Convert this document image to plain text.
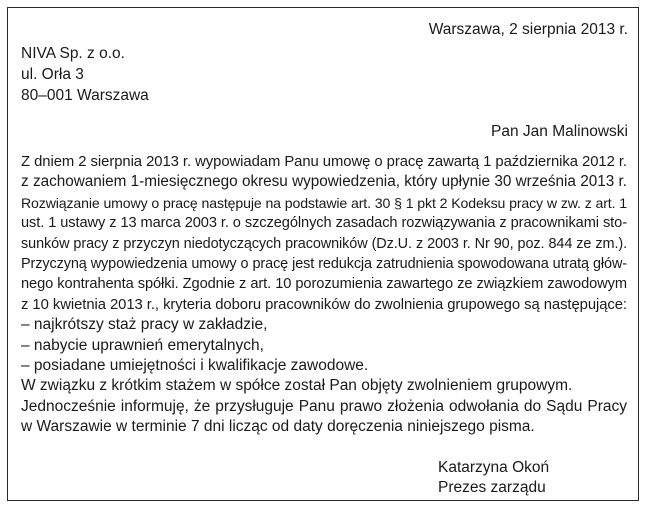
Warszawa, 2 sierpnia 2013 r.
NIVA Sp. z o.o.
ul. Orła 3
80–001 Warszawa
Pan Jan Malinowski
Z dniem 2 sierpnia 2013 r. wypowiadam Panu umowę o pracę zawartą 1 października 2012 r.
z zachowaniem 1-miesięcznego okresu wypowiedzenia, który upłynie 30 września 2013 r.
Rozwiązanie umowy o pracę następuje na podstawie art. 30 § 1 pkt 2 Kodeksu pracy w zw. z art. 1
ust. 1 ustawy z 13 marca 2003 r. o szczególnych zasadach rozwiązywania z pracownikami sto-
sunków pracy z przyczyn niedotyczących pracowników (Dz.U. z 2003 r. Nr 90, poz. 844 ze zm.).
Przyczyną wypowiedzenia umowy o pracę jest redukcja zatrudnienia spowodowana utratą głów-
nego kontrahenta spółki. Zgodnie z art. 10 porozumienia zawartego ze związkiem zawodowym
z 10 kwietnia 2013 r., kryteria doboru pracowników do zwolnienia grupowego są następujące:
– najkrótszy staż pracy w zakładzie,
– nabycie uprawnień emerytalnych,
– posiadane umiejętności i kwalifikacje zawodowe.
W związku z krótkim stażem w spółce został Pan objęty zwolnieniem grupowym.
Jednocześnie informuję, że przysługuje Panu prawo złożenia odwołania do Sądu Pracy
w Warszawie w terminie 7 dni licząc od daty doręczenia niniejszego pisma.
Katarzyna Okoń
Prezes zarządu
